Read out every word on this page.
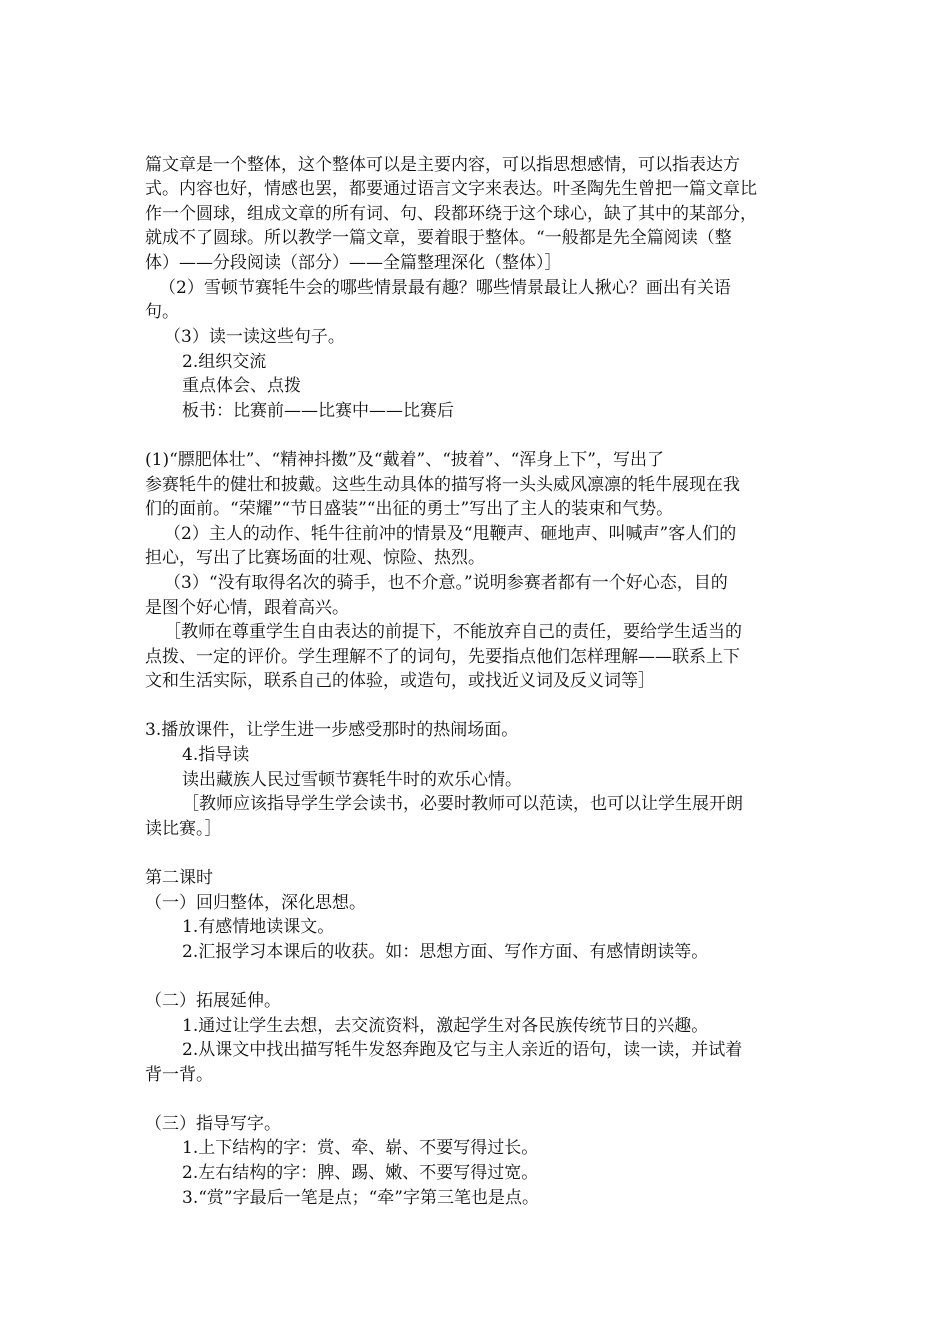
篇文章是一个整体，这个整体可以是主要内容，可以指思想感情，可以指表达方
式。内容也好，情感也罢，都要通过语言文字来表达。叶圣陶先生曾把一篇文章比
作一个圆球，组成文章的所有词、句、段都环绕于这个球心，缺了其中的某部分，
就成不了圆球。所以教学一篇文章，要着眼于整体。“一般都是先全篇阅读（整
体）——分段阅读（部分）——全篇整理深化（整体）］
（2）雪顿节赛牦牛会的哪些情景最有趣？哪些情景最让人揪心？画出有关语
句。
（3）读一读这些句子。
2.组织交流
重点体会、点拨
板书：比赛前——比赛中——比赛后
(1)“膘肥体壮”、“精神抖擞”及“戴着”、“披着”、“浑身上下”，写出了
参赛牦牛的健壮和披戴。这些生动具体的描写将一头头威风凛凛的牦牛展现在我
们的面前。“荣耀”“节日盛装”“出征的勇士”写出了主人的装束和气势。
（2）主人的动作、牦牛往前冲的情景及“甩鞭声、砸地声、叫喊声”客人们的
担心，写出了比赛场面的壮观、惊险、热烈。
（3）“没有取得名次的骑手，也不介意。”说明参赛者都有一个好心态，目的
是图个好心情，跟着高兴。
［教师在尊重学生自由表达的前提下，不能放弃自己的责任，要给学生适当的
点拨、一定的评价。学生理解不了的词句，先要指点他们怎样理解——联系上下
文和生活实际，联系自己的体验，或造句，或找近义词及反义词等］
3.播放课件，让学生进一步感受那时的热闹场面。
4.指导读
读出藏族人民过雪顿节赛牦牛时的欢乐心情。
［教师应该指导学生学会读书，必要时教师可以范读，也可以让学生展开朗
读比赛。］
第二课时
（一）回归整体，深化思想。
1.有感情地读课文。
2.汇报学习本课后的收获。如：思想方面、写作方面、有感情朗读等。
（二）拓展延伸。
1.通过让学生去想，去交流资料，激起学生对各民族传统节日的兴趣。
2.从课文中找出描写牦牛发怒奔跑及它与主人亲近的语句，读一读，并试着
背一背。
（三）指导写字。
1.上下结构的字：赏、牵、崭、不要写得过长。
2.左右结构的字：脾、踢、嫩、不要写得过宽。
3.“赏”字最后一笔是点；“牵”字第三笔也是点。
